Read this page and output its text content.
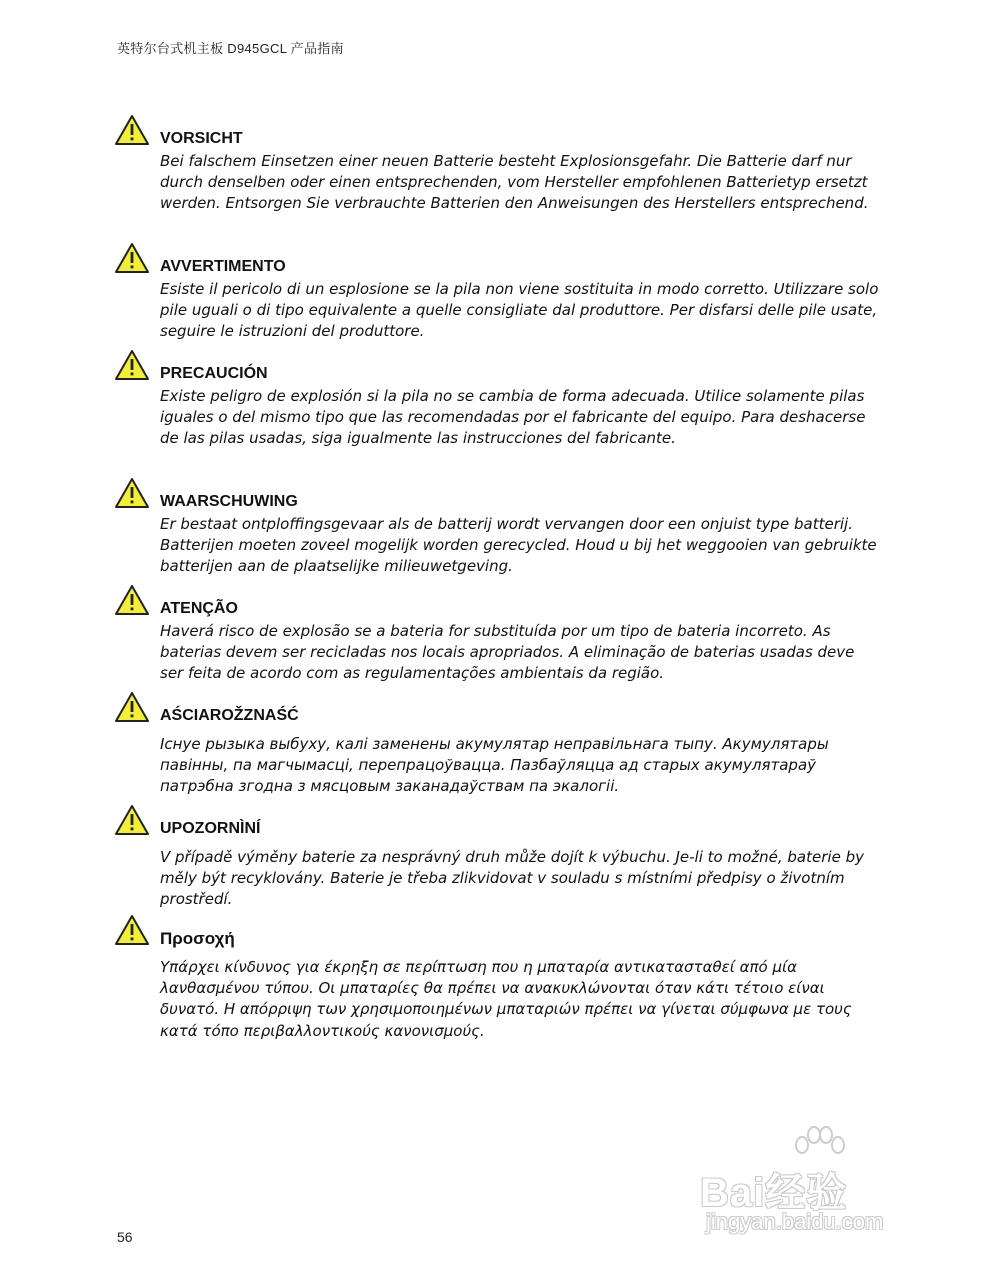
英特尔台式机主板 D945GCL 产品指南
VORSICHT
Bei falschem Einsetzen einer neuen Batterie besteht Explosionsgefahr. Die Batterie darf nur durch denselben oder einen entsprechenden, vom Hersteller empfohlenen Batterietyp ersetzt werden. Entsorgen Sie verbrauchte Batterien den Anweisungen des Herstellers entsprechend.
AVVERTIMENTO
Esiste il pericolo di un esplosione se la pila non viene sostituita in modo corretto. Utilizzare solo pile uguali o di tipo equivalente a quelle consigliate dal produttore. Per disfarsi delle pile usate, seguire le istruzioni del produttore.
PRECAUCIÓN
Existe peligro de explosión si la pila no se cambia de forma adecuada. Utilice solamente pilas iguales o del mismo tipo que las recomendadas por el fabricante del equipo. Para deshacerse de las pilas usadas, siga igualmente las instrucciones del fabricante.
WAARSCHUWING
Er bestaat ontploffingsgevaar als de batterij wordt vervangen door een onjuist type batterij. Batterijen moeten zoveel mogelijk worden gerecycled. Houd u bij het weggooien van gebruikte batterijen aan de plaatselijke milieuwetgeving.
ATENÇÃO
Haverá risco de explosão se a bateria for substituída por um tipo de bateria incorreto. As baterias devem ser recicladas nos locais apropriados. A eliminação de baterias usadas deve ser feita de acordo com as regulamentações ambientais da região.
AŚCIAROŽZNAŚĆ
Існуе рызыка выбуху, калі заменены акумулятар неправільнага тыпу. Акумулятары павінны, па магчымасці, перепрацоўвацца. Пазбаўляцца ад старых акумулятараў патрэбна згодна з мясцовым заканадаўствам па экалогіі.
UPOZORNÌNÍ
V případě výměny baterie za nesprávný druh může dojít k výbuchu. Je-li to možné, baterie by měly být recyklovány. Baterie je třeba zlikvidovat v souladu s místními předpisy o životním prostředí.
Προσοχή
Υπάρχει κίνδυνος για έκρηξη σε περίπτωση που η μπαταρία αντικατασταθεί από μία λανθασμένου τύπου. Οι μπαταρίες θα πρέπει να ανακυκλώνονται όταν κάτι τέτοιο είναι δυνατό. Η απόρριψη των χρησιμοποιημένων μπαταριών πρέπει να γίνεται σύμφωνα με τους κατά τόπο περιβαλλοντικούς κανονισμούς.
Bai经验
jingyan.baidu.com
56
